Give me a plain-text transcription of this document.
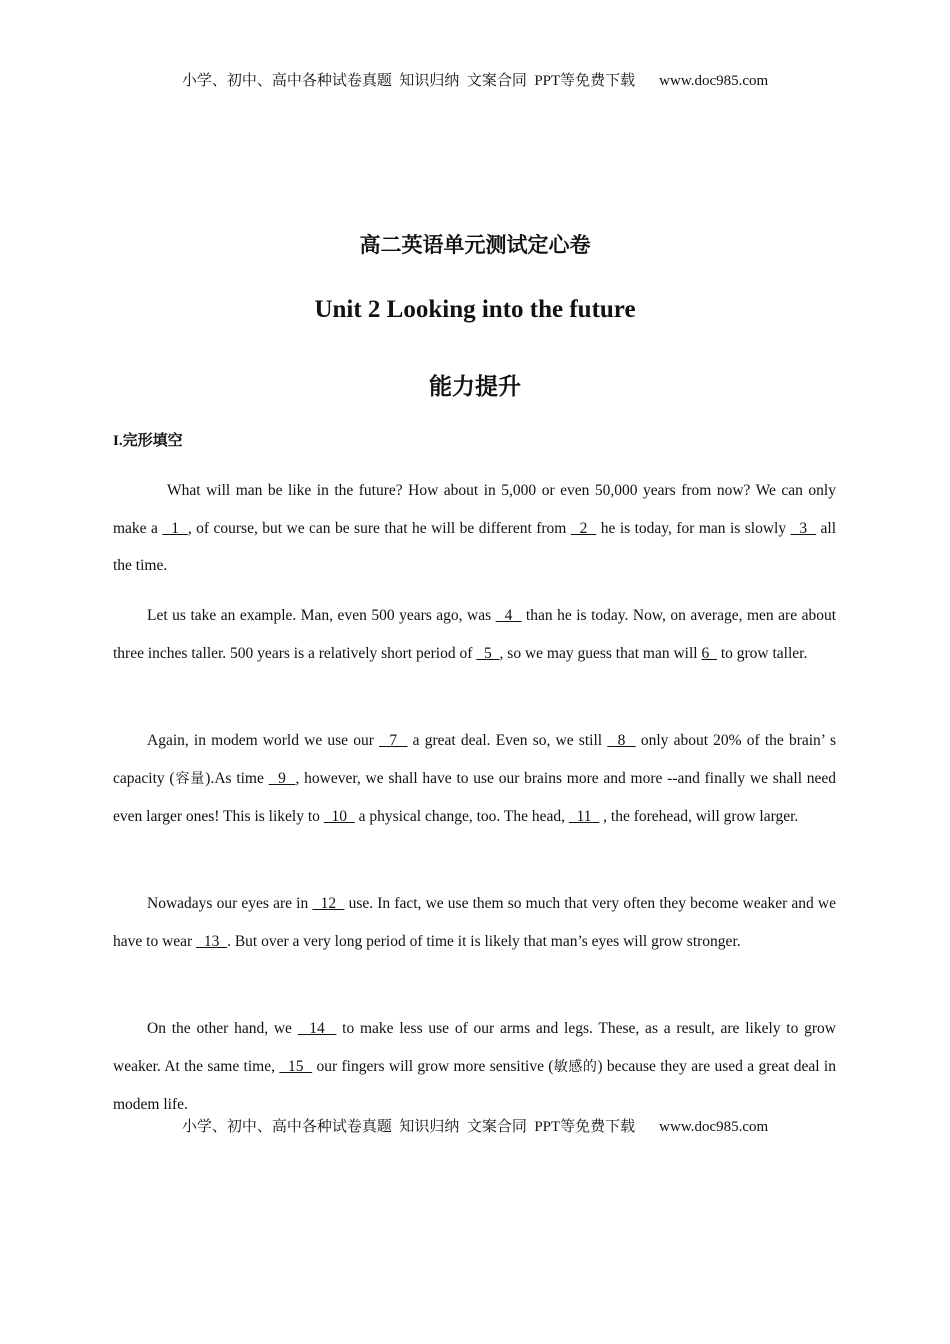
小学、初中、高中各种试卷真题  知识归纳  文案合同  PPT等免费下载 www.doc985.com
高二英语单元测试定心卷
Unit 2 Looking into the future
能力提升
I.完形填空

What will man be like in the future? How about in 5,000 or even 50,000 years from now? We can only make a   1  , of course, but we can be sure that he will be different from   2   he is today, for man is slowly   3   all the time.

Let us take an example. Man, even 500 years ago, was   4   than he is today. Now, on average, men are about three inches taller. 500 years is a relatively short period of   5  , so we may guess that man will 6   to grow taller.

Again, in modem world we use our   7   a great deal. Even so, we still   8   only about 20% of the brain’ s capacity (容量).As time   9  , however, we shall have to use our brains more and more --and finally we shall need even larger ones! This is likely to   10   a physical change, too. The head,   11   , the forehead, will grow larger.

Nowadays our eyes are in   12   use. In fact, we use them so much that very often they become weaker and we have to wear   13  . But over a very long period of time it is likely that man’s eyes will grow stronger.

On the other hand, we   14   to make less use of our arms and legs. These, as a result, are likely to grow weaker. At the same time,   15   our fingers will grow more sensitive (敏感的) because they are used a great deal in modem life.

小学、初中、高中各种试卷真题  知识归纳  文案合同  PPT等免费下载 www.doc985.com
